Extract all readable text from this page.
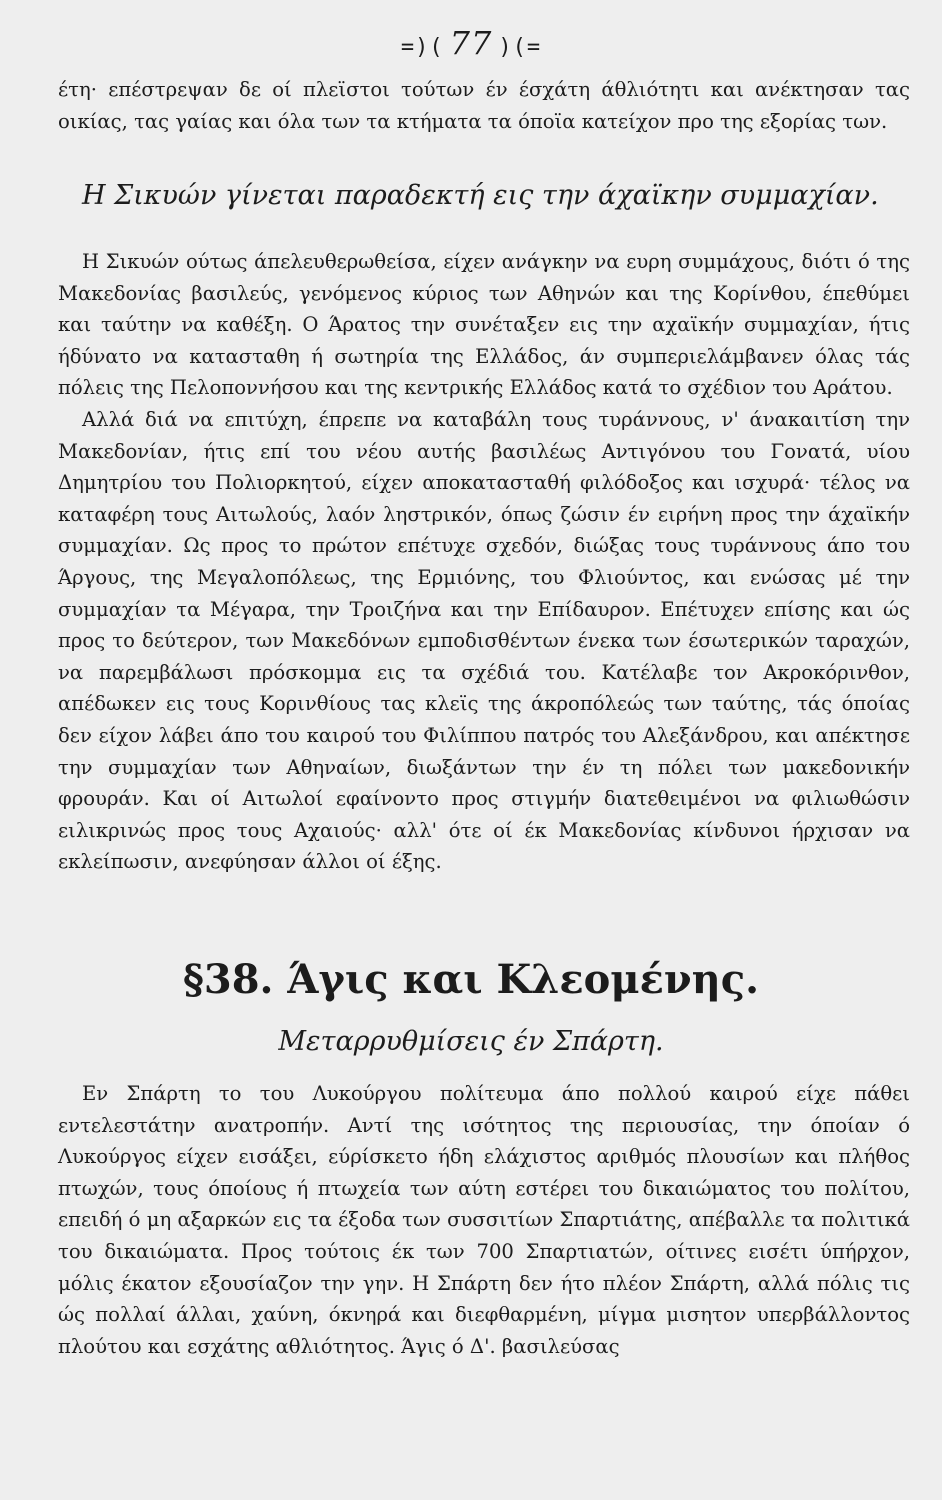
=)( 77 )(=

έτη· επέστρεψαν δε οί πλεϊστοι τούτων έν έσχάτη άθλιότητι και ανέκτησαν τας οικίας, τας γαίας και όλα των τα κτήματα τα όποϊα κατείχον προ της εξορίας των.

Η Σικυών γίνεται παραδεκτή εις την άχαϊκην συμμαχίαν.

Η Σικυών ούτως άπελευθερωθείσα, είχεν ανάγκην να ευρη συμμάχους, διότι ό της Μακεδονίας βασιλεύς, γενόμενος κύριος των Αθηνών και της Κορίνθου, έπεθύμει και ταύτην να καθέξη. Ο Άρατος την συνέταξεν εις την αχαϊκήν συμμαχίαν, ήτις ήδύνατο να κατασταθη ή σωτηρία της Ελλάδος, άν συμπεριελάμβανεν όλας τάς πόλεις της Πελοποννήσου και της κεντρικής Ελλάδος κατά το σχέδιον του Αράτου.

Αλλά διά να επιτύχη, έπρεπε να καταβάλη τους τυράννους, ν' άνακαιτίση την Μακεδονίαν, ήτις επί του νέου αυτής βασιλέως Αντιγόνου του Γονατά, υίου Δημητρίου του Πολιορκητού, είχεν αποκατασταθή φιλόδοξος και ισχυρά· τέλος να καταφέρη τους Αιτωλούς, λαόν ληστρικόν, όπως ζώσιν έν ειρήνη προς την άχαϊκήν συμμαχίαν. Ως προς το πρώτον επέτυχε σχεδόν, διώξας τους τυράννους άπο του Άργους, της Μεγαλοπόλεως, της Ερμιόνης, του Φλιούντος, και ενώσας μέ την συμμαχίαν τα Μέγαρα, την Τροιζήνα και την Επίδαυρον. Επέτυχεν επίσης και ώς προς το δεύτερον, των Μακεδόνων εμποδισθέντων ένεκα των έσωτερικών ταραχών, να παρεμβάλωσι πρόσκομμα εις τα σχέδιά του. Κατέλαβε τον Ακροκόρινθον, απέδωκεν εις τους Κορινθίους τας κλεϊς της άκροπόλεώς των ταύτης, τάς όποίας δεν είχον λάβει άπο του καιρού του Φιλίππου πατρός του Αλεξάνδρου, και απέκτησε την συμμαχίαν των Αθηναίων, διωξάντων την έν τη πόλει των μακεδονικήν φρουράν. Και οί Αιτωλοί εφαίνοντο προς στιγμήν διατεθειμένοι να φιλιωθώσιν ειλικρινώς προς τους Αχαιούς· αλλ' ότε οί έκ Μακεδονίας κίνδυνοι ήρχισαν να εκλείπωσιν, ανεφύησαν άλλοι οί έξης.

§38. Άγις και Κλεομένης.
Μεταρρυθμίσεις έν Σπάρτη.

Εν Σπάρτη το του Λυκούργου πολίτευμα άπο πολλού καιρού είχε πάθει εντελεστάτην ανατροπήν. Αντί της ισότητος της περιουσίας, την όποίαν ό Λυκούργος είχεν εισάξει, εύρίσκετο ήδη ελάχιστος αριθμός πλουσίων και πλήθος πτωχών, τους όποίους ή πτωχεία των αύτη εστέρει του δικαιώματος του πολίτου, επειδή ό μη αξαρκών εις τα έξοδα των συσσιτίων Σπαρτιάτης, απέβαλλε τα πολιτικά του δικαιώματα. Προς τούτοις έκ των 700 Σπαρτιατών, οίτινες εισέτι ύπήρχον, μόλις έκατον εξουσίαζον την γην. Η Σπάρτη δεν ήτο πλέον Σπάρτη, αλλά πόλις τις ώς πολλαί άλλαι, χαύνη, όκνηρά και διεφθαρμένη, μίγμα μισητον υπερβάλλοντος πλούτου και εσχάτης αθλιότητος. Άγις ό Δ'. βασιλεύσας
